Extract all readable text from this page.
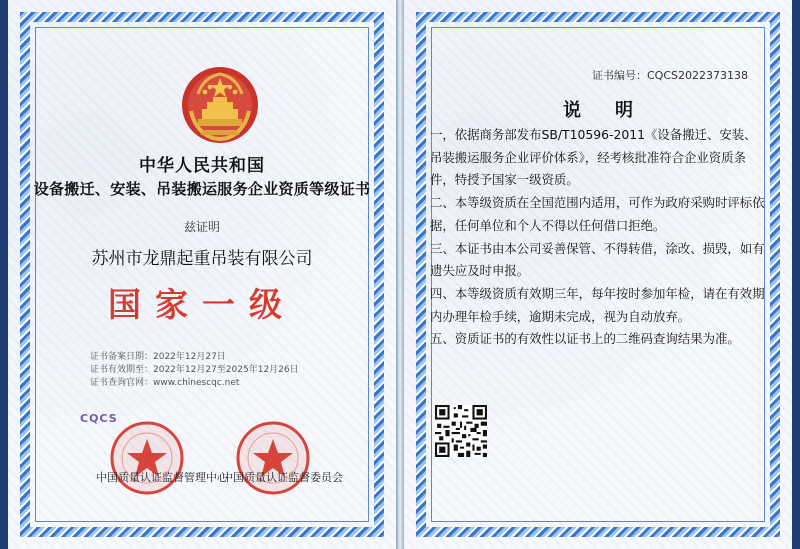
中华人民共和国
设备搬迁、安装、吊装搬运服务企业资质等级证书
兹证明
苏州市龙鼎起重吊装有限公司
国家一级
证书备案日期：2022年12月27日
证书有效期至：2022年12月27至2025年12月26日
证书查询官网：www.chinescqc.net
CQCS
中国质量认证监督管理中心
中国质量认证监督委员会
证书编号：CQCS2022373138
说明

一，依据商务部发布SB/T10596-2011《设备搬迁、安装、吊装搬运服务企业评价体系》，经考核批准符合企业资质条件，特授予国家一级资质。

二、本等级资质在全国范围内适用，可作为政府采购时评标依据，任何单位和个人不得以任何借口拒绝。

三、本证书由本公司妥善保管、不得转借，涂改、损毁，如有遗失应及时申报。

四、本等级资质有效期三年，每年按时参加年检，请在有效期内办理年检手续，逾期未完成，视为自动放弃。

五、资质证书的有效性以证书上的二维码查询结果为准。
